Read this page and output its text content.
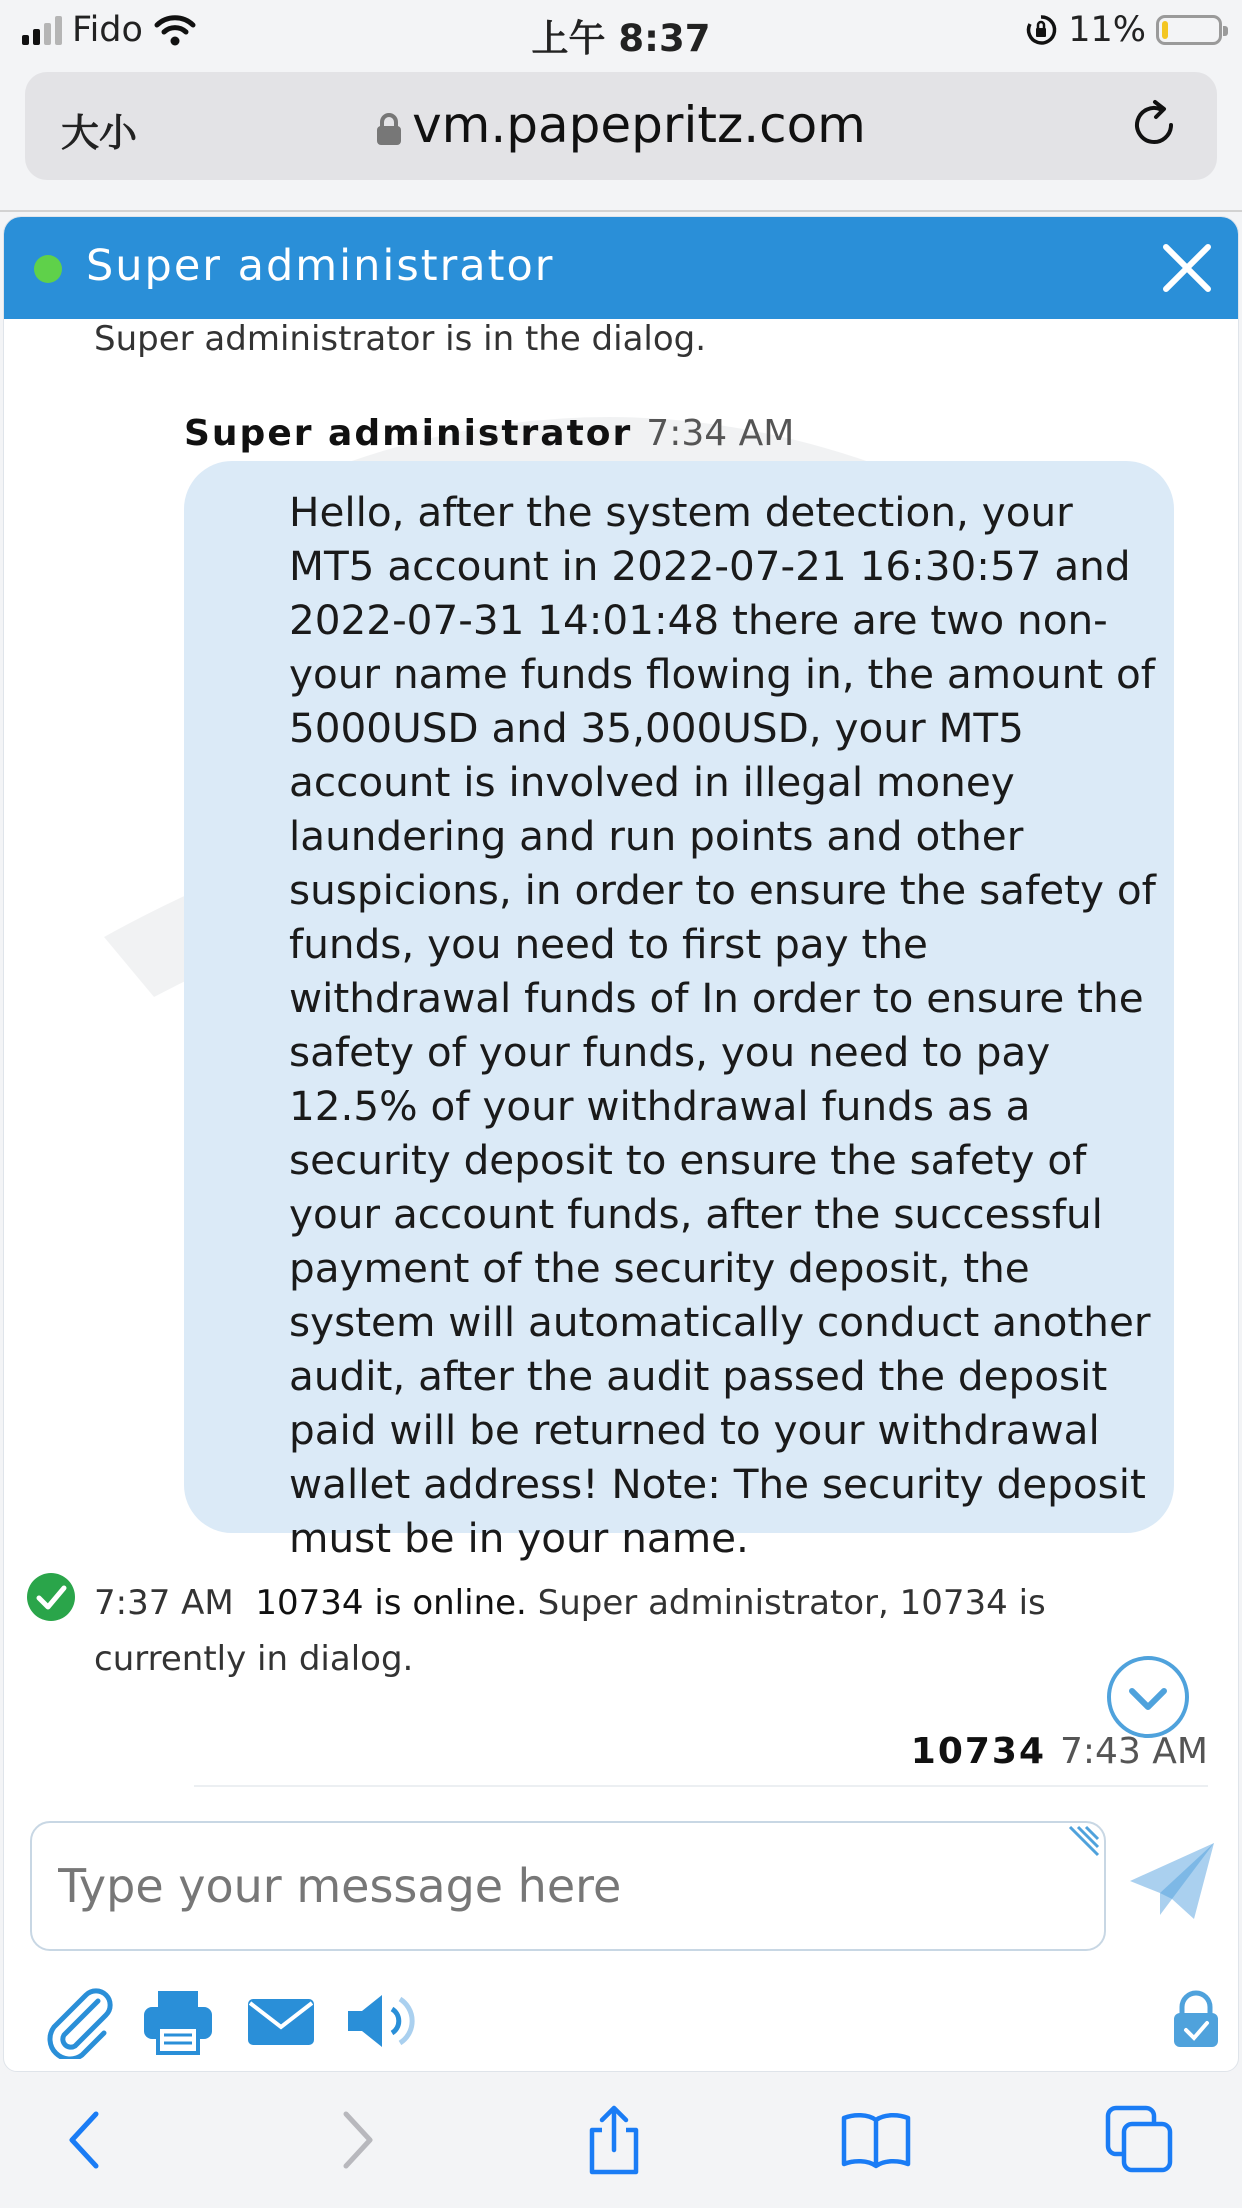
Fido	上午 8:37	11%
大小	vm.papepritz.com
Super administrator
Super administrator is in the dialog.
Super administrator 7:34 AM
Hello, after the system detection, your MT5 account in 2022-07-21 16:30:57 and 2022-07-31 14:01:48 there are two non-your name funds flowing in, the amount of 5000USD and 35,000USD, your MT5 account is involved in illegal money laundering and run points and other suspicions, in order to ensure the safety of funds, you need to first pay the withdrawal funds of In order to ensure the safety of your funds, you need to pay 12.5% of your withdrawal funds as a security deposit to ensure the safety of your account funds, after the successful payment of the security deposit, the system will automatically conduct another audit, after the audit passed the deposit paid will be returned to your withdrawal wallet address! Note: The security deposit must be in your name.
7:37 AM 10734 is online. Super administrator, 10734 is currently in dialog.
10734 7:43 AM
Type your message here
